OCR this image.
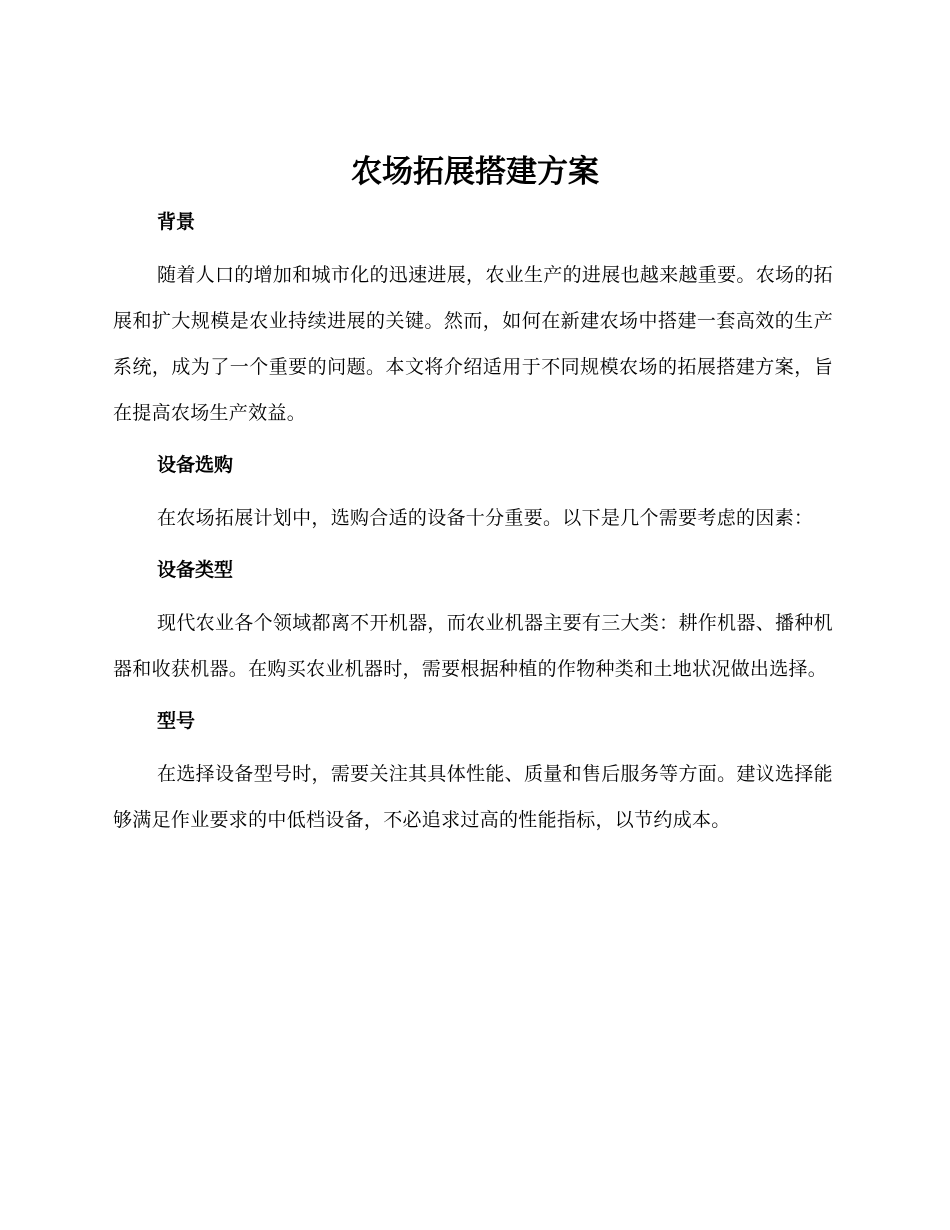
农场拓展搭建方案
背景

随着人口的增加和城市化的迅速进展，农业生产的进展也越来越重要。农场的拓展和扩大规模是农业持续进展的关键。然而，如何在新建农场中搭建一套高效的生产系统，成为了一个重要的问题。本文将介绍适用于不同规模农场的拓展搭建方案，旨在提高农场生产效益。

设备选购

在农场拓展计划中，选购合适的设备十分重要。以下是几个需要考虑的因素：

设备类型

现代农业各个领域都离不开机器，而农业机器主要有三大类：耕作机器、播种机器和收获机器。在购买农业机器时，需要根据种植的作物种类和土地状况做出选择。

型号

在选择设备型号时，需要关注其具体性能、质量和售后服务等方面。建议选择能够满足作业要求的中低档设备，不必追求过高的性能指标，以节约成本。
